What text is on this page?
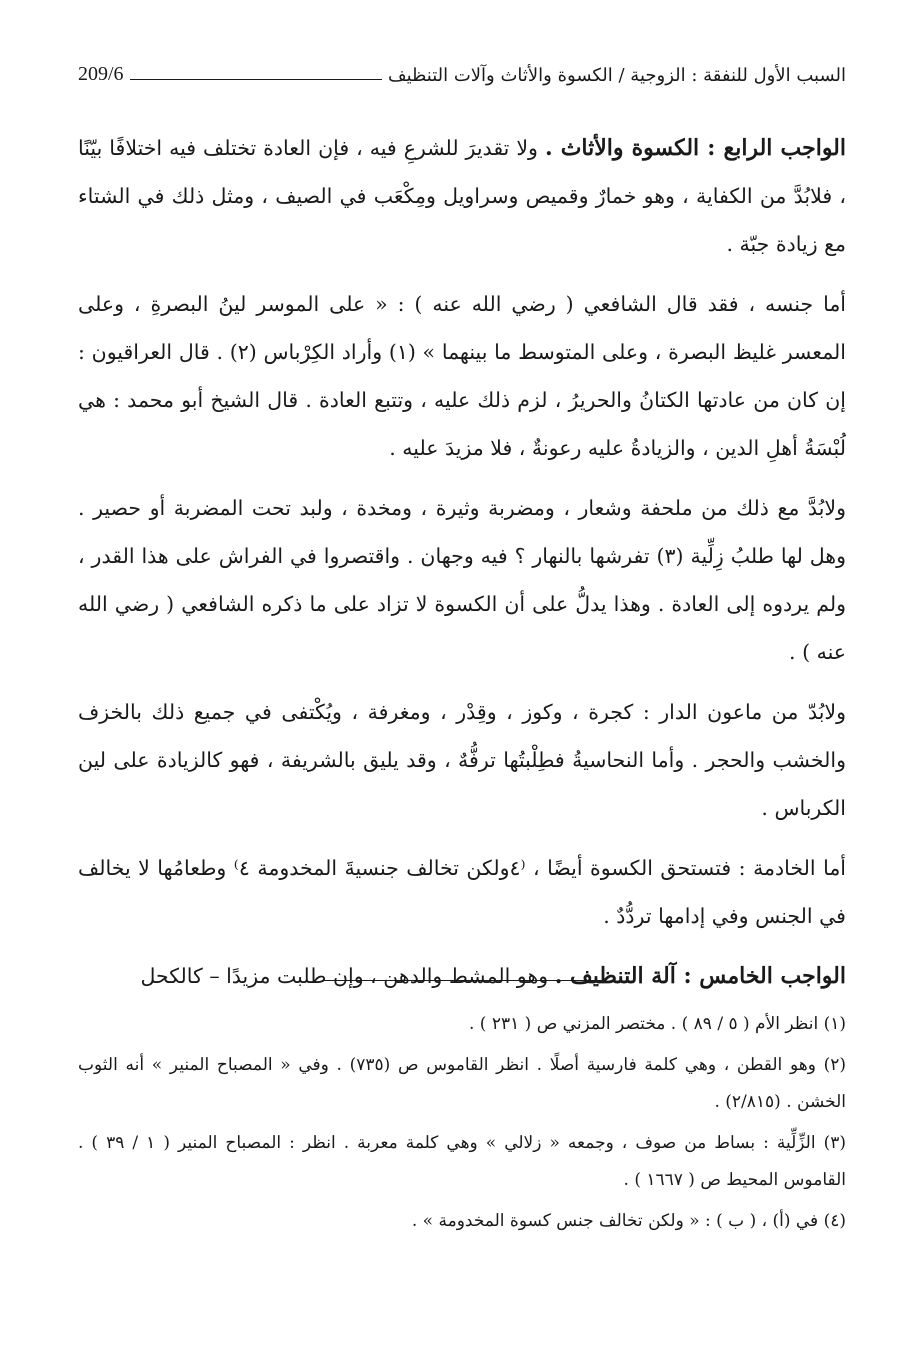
السبب الأول للنفقة : الزوجية / الكسوة والأثاث وآلات التنظيف
209/6

الواجب الرابع : الكسوة والأثاث . ولا تقديرَ للشرعِ فيه ، فإن العادة تختلف فيه اختلافًا بيّنًا ، فلابُدَّ من الكفاية ، وهو خمارٌ وقميص وسراويل ومِكْعَب في الصيف ، ومثل ذلك في الشتاء مع زيادة جبّة .

أما جنسه ، فقد قال الشافعي ( رضي الله عنه ) : « على الموسر لينُ البصرةِ ، وعلى المعسر غليظ البصرة ، وعلى المتوسط ما بينهما » (١) وأراد الكِرْباس (٢) . قال العراقيون : إن كان من عادتها الكتانُ والحريرُ ، لزم ذلك عليه ، وتتبع العادة . قال الشيخ أبو محمد : هي لُبْسَةُ أهلِ الدين ، والزيادةُ عليه رعونةٌ ، فلا مزيدَ عليه .

ولابُدَّ مع ذلك من ملحفة وشعار ، ومضربة وثيرة ، ومخدة ، ولبد تحت المضربة أو حصير . وهل لها طلبُ زِلِّية (٣) تفرشها بالنهار ؟ فيه وجهان . واقتصروا في الفراش على هذا القدر ، ولم يردوه إلى العادة . وهذا يدلُّ على أن الكسوة لا تزاد على ما ذكره الشافعي ( رضي الله عنه ) .

ولابُدّ من ماعون الدار : كجرة ، وكوز ، وقِدْر ، ومغرفة ، ويُكْتفى في جميع ذلك بالخزف والخشب والحجر . وأما النحاسيةُ فطِلْبتُها ترفُّهٌ ، وقد يليق بالشريفة ، فهو كالزيادة على لين الكرباس .

أما الخادمة : فتستحق الكسوة أيضًا ، ⁽٤ولكن تخالف جنسيةَ المخدومة ٤⁾ وطعامُها لا يخالف في الجنس وفي إدامها تردُّدٌ .

الواجب الخامس : آلة التنظيف . وهو المشط والدهن ، وإن طلبت مزيدًا – كالكحل

(١) انظر الأم ( ٥ / ٨٩ ) . مختصر المزني ص ( ٢٣١ ) .

(٢) وهو القطن ، وهي كلمة فارسية أصلًا . انظر القاموس ص (٧٣٥) . وفي « المصباح المنير » أنه الثوب الخشن . (٢/٨١٥) .

(٣) الزِّلِّية : بساط من صوف ، وجمعه « زلالي » وهي كلمة معربة . انظر : المصباح المنير ( ١ / ٣٩ ) . القاموس المحيط ص ( ١٦٦٧ ) .

(٤) في (أ) ، ( ب ) : « ولكن تخالف جنس كسوة المخدومة » .
